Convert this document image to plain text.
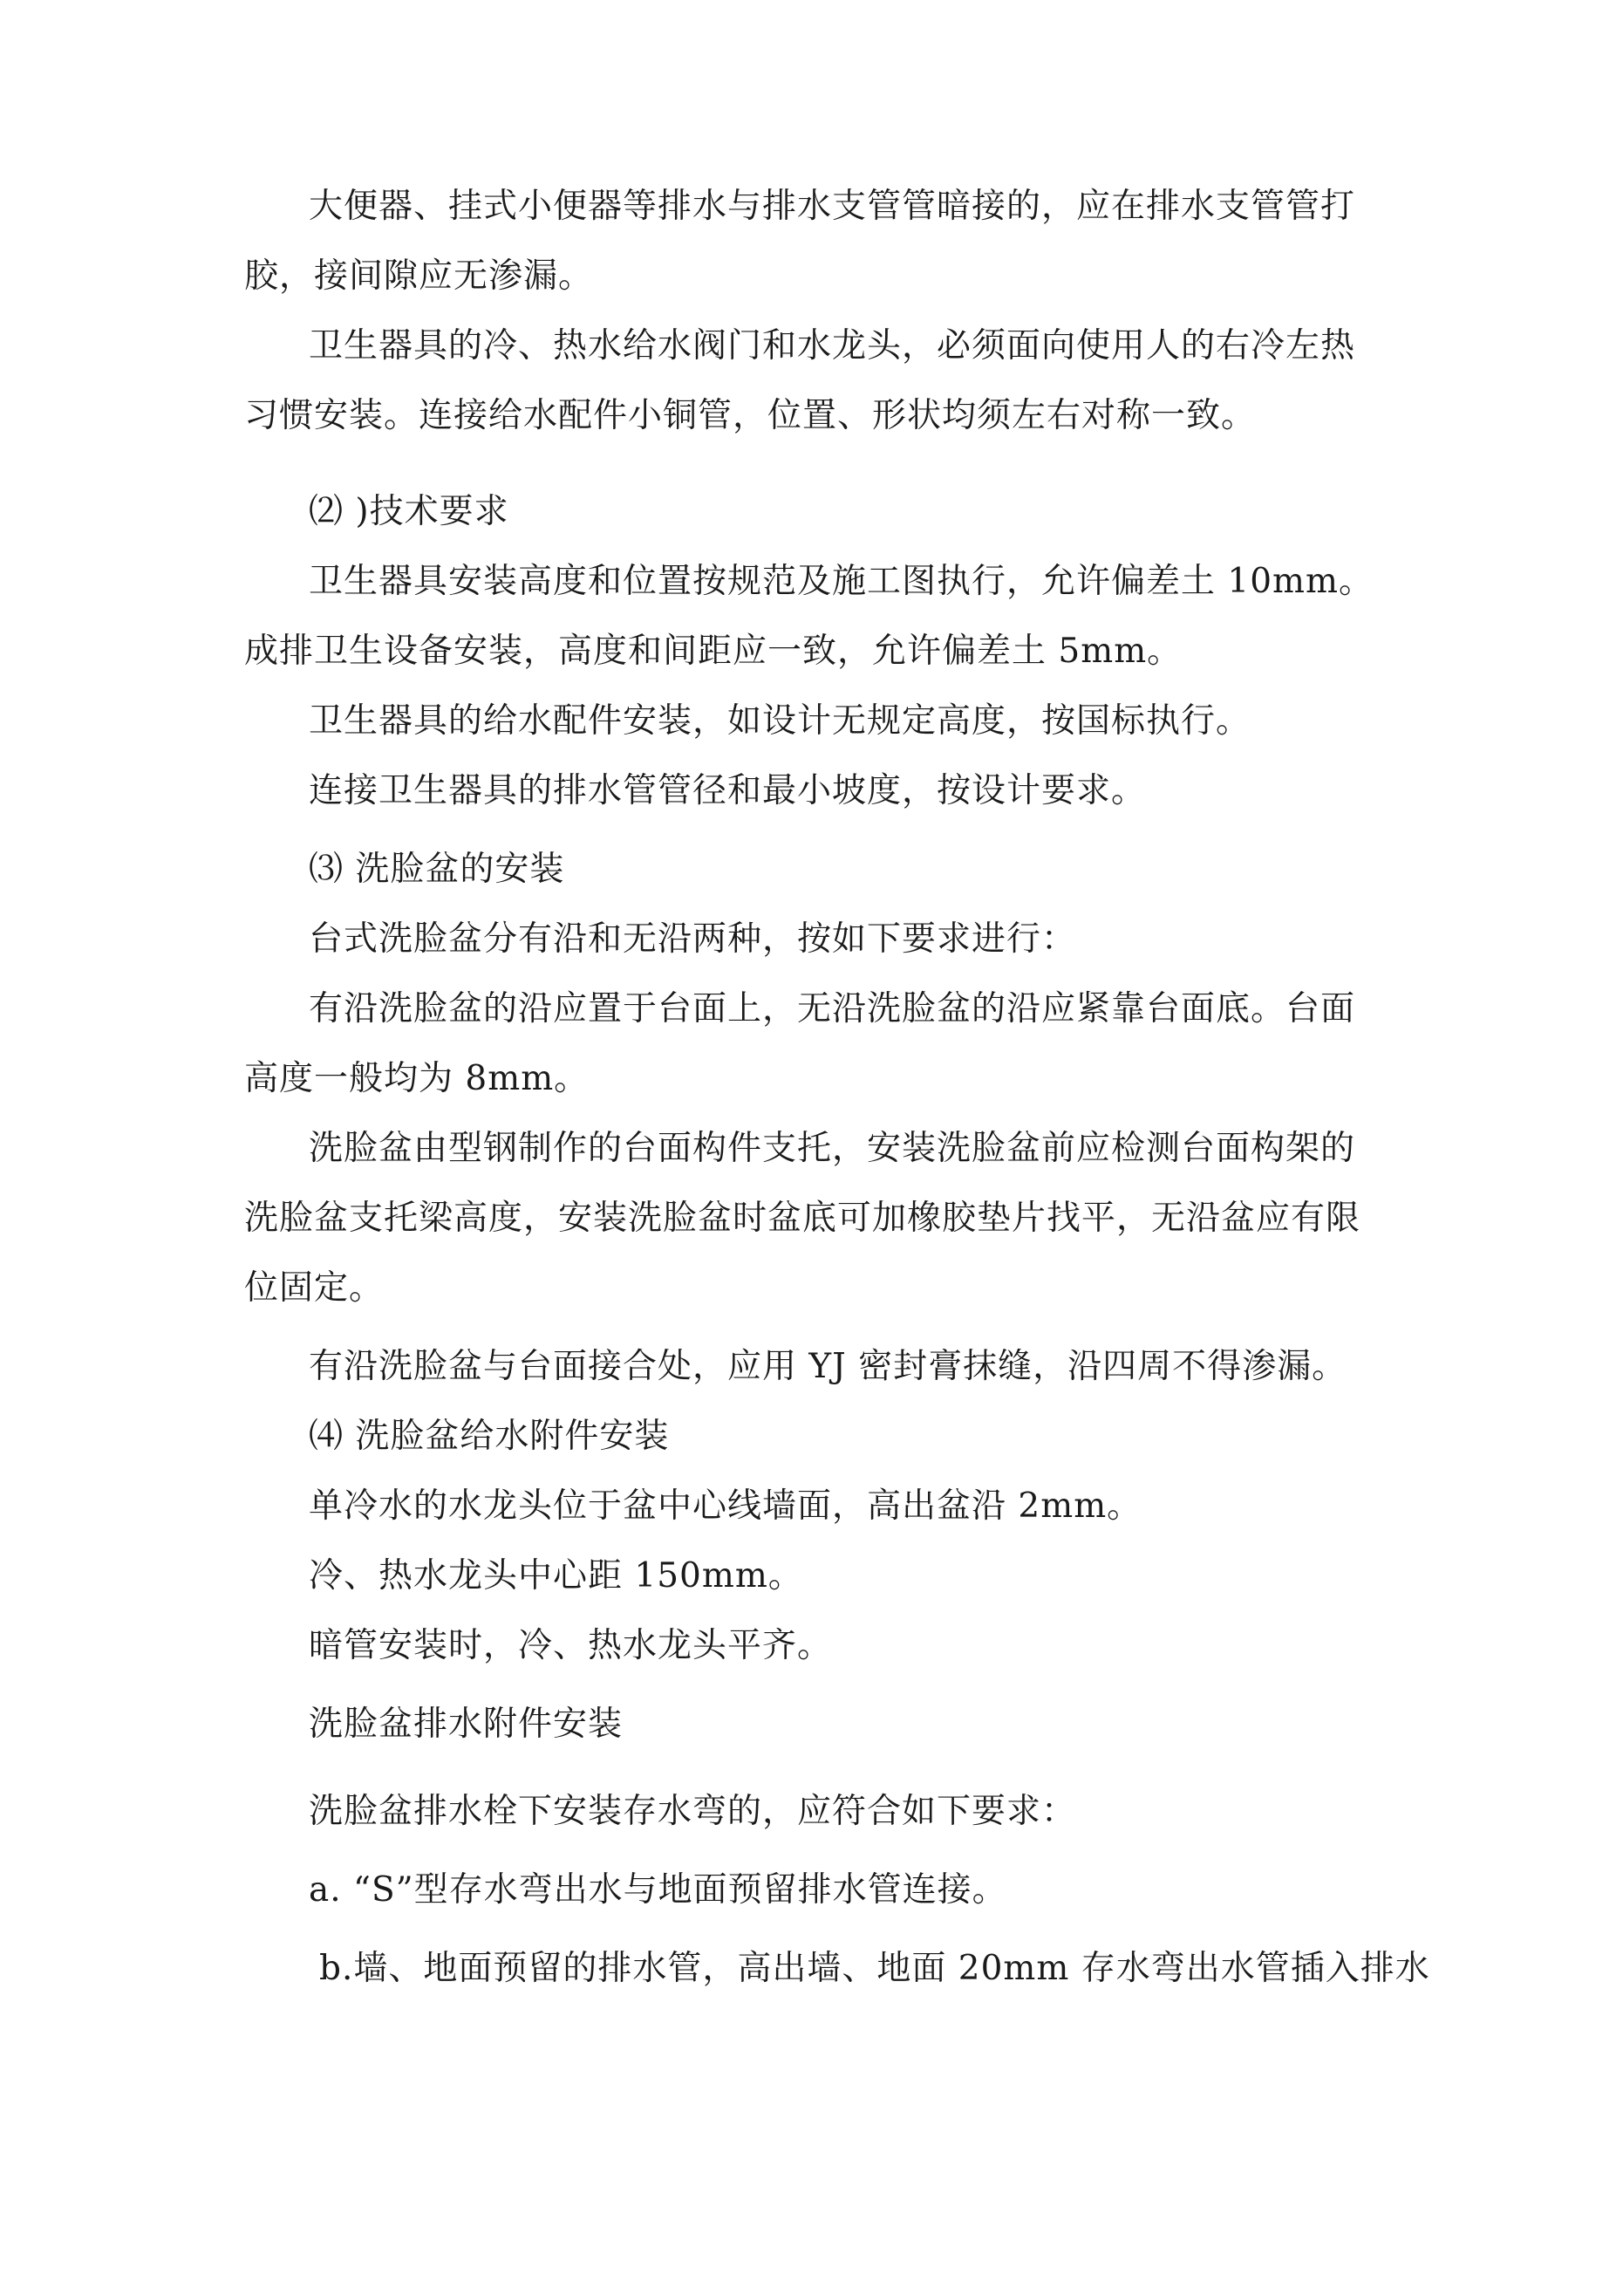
大便器、挂式小便器等排水与排水支管管暗接的，应在排水支管管打
胶，接间隙应无渗漏。
卫生器具的冷、热水给水阀门和水龙头，必须面向使用人的右冷左热
习惯安装。连接给水配件小铜管，位置、形状均须左右对称一致。
⑵ )技术要求
卫生器具安装高度和位置按规范及施工图执行，允许偏差土 10mm。
成排卫生设备安装，高度和间距应一致，允许偏差土 5mm。
卫生器具的给水配件安装，如设计无规定高度，按国标执行。
连接卫生器具的排水管管径和最小坡度，按设计要求。
⑶ 洗脸盆的安装
台式洗脸盆分有沿和无沿两种，按如下要求进行：
有沿洗脸盆的沿应置于台面上，无沿洗脸盆的沿应紧靠台面底。台面
高度一般均为 8mm。
洗脸盆由型钢制作的台面构件支托，安装洗脸盆前应检测台面构架的
洗脸盆支托梁高度，安装洗脸盆时盆底可加橡胶垫片找平，无沿盆应有限
位固定。
有沿洗脸盆与台面接合处，应用 YJ 密封膏抹缝，沿四周不得渗漏。
⑷ 洗脸盆给水附件安装
单冷水的水龙头位于盆中心线墙面，高出盆沿 2mm。
冷、热水龙头中心距 150mm。
暗管安装时，冷、热水龙头平齐。
洗脸盆排水附件安装
洗脸盆排水栓下安装存水弯的，应符合如下要求：
a. “S”型存水弯出水与地面预留排水管连接。
b.墙、地面预留的排水管，高出墙、地面 20mm 存水弯出水管插入排水
